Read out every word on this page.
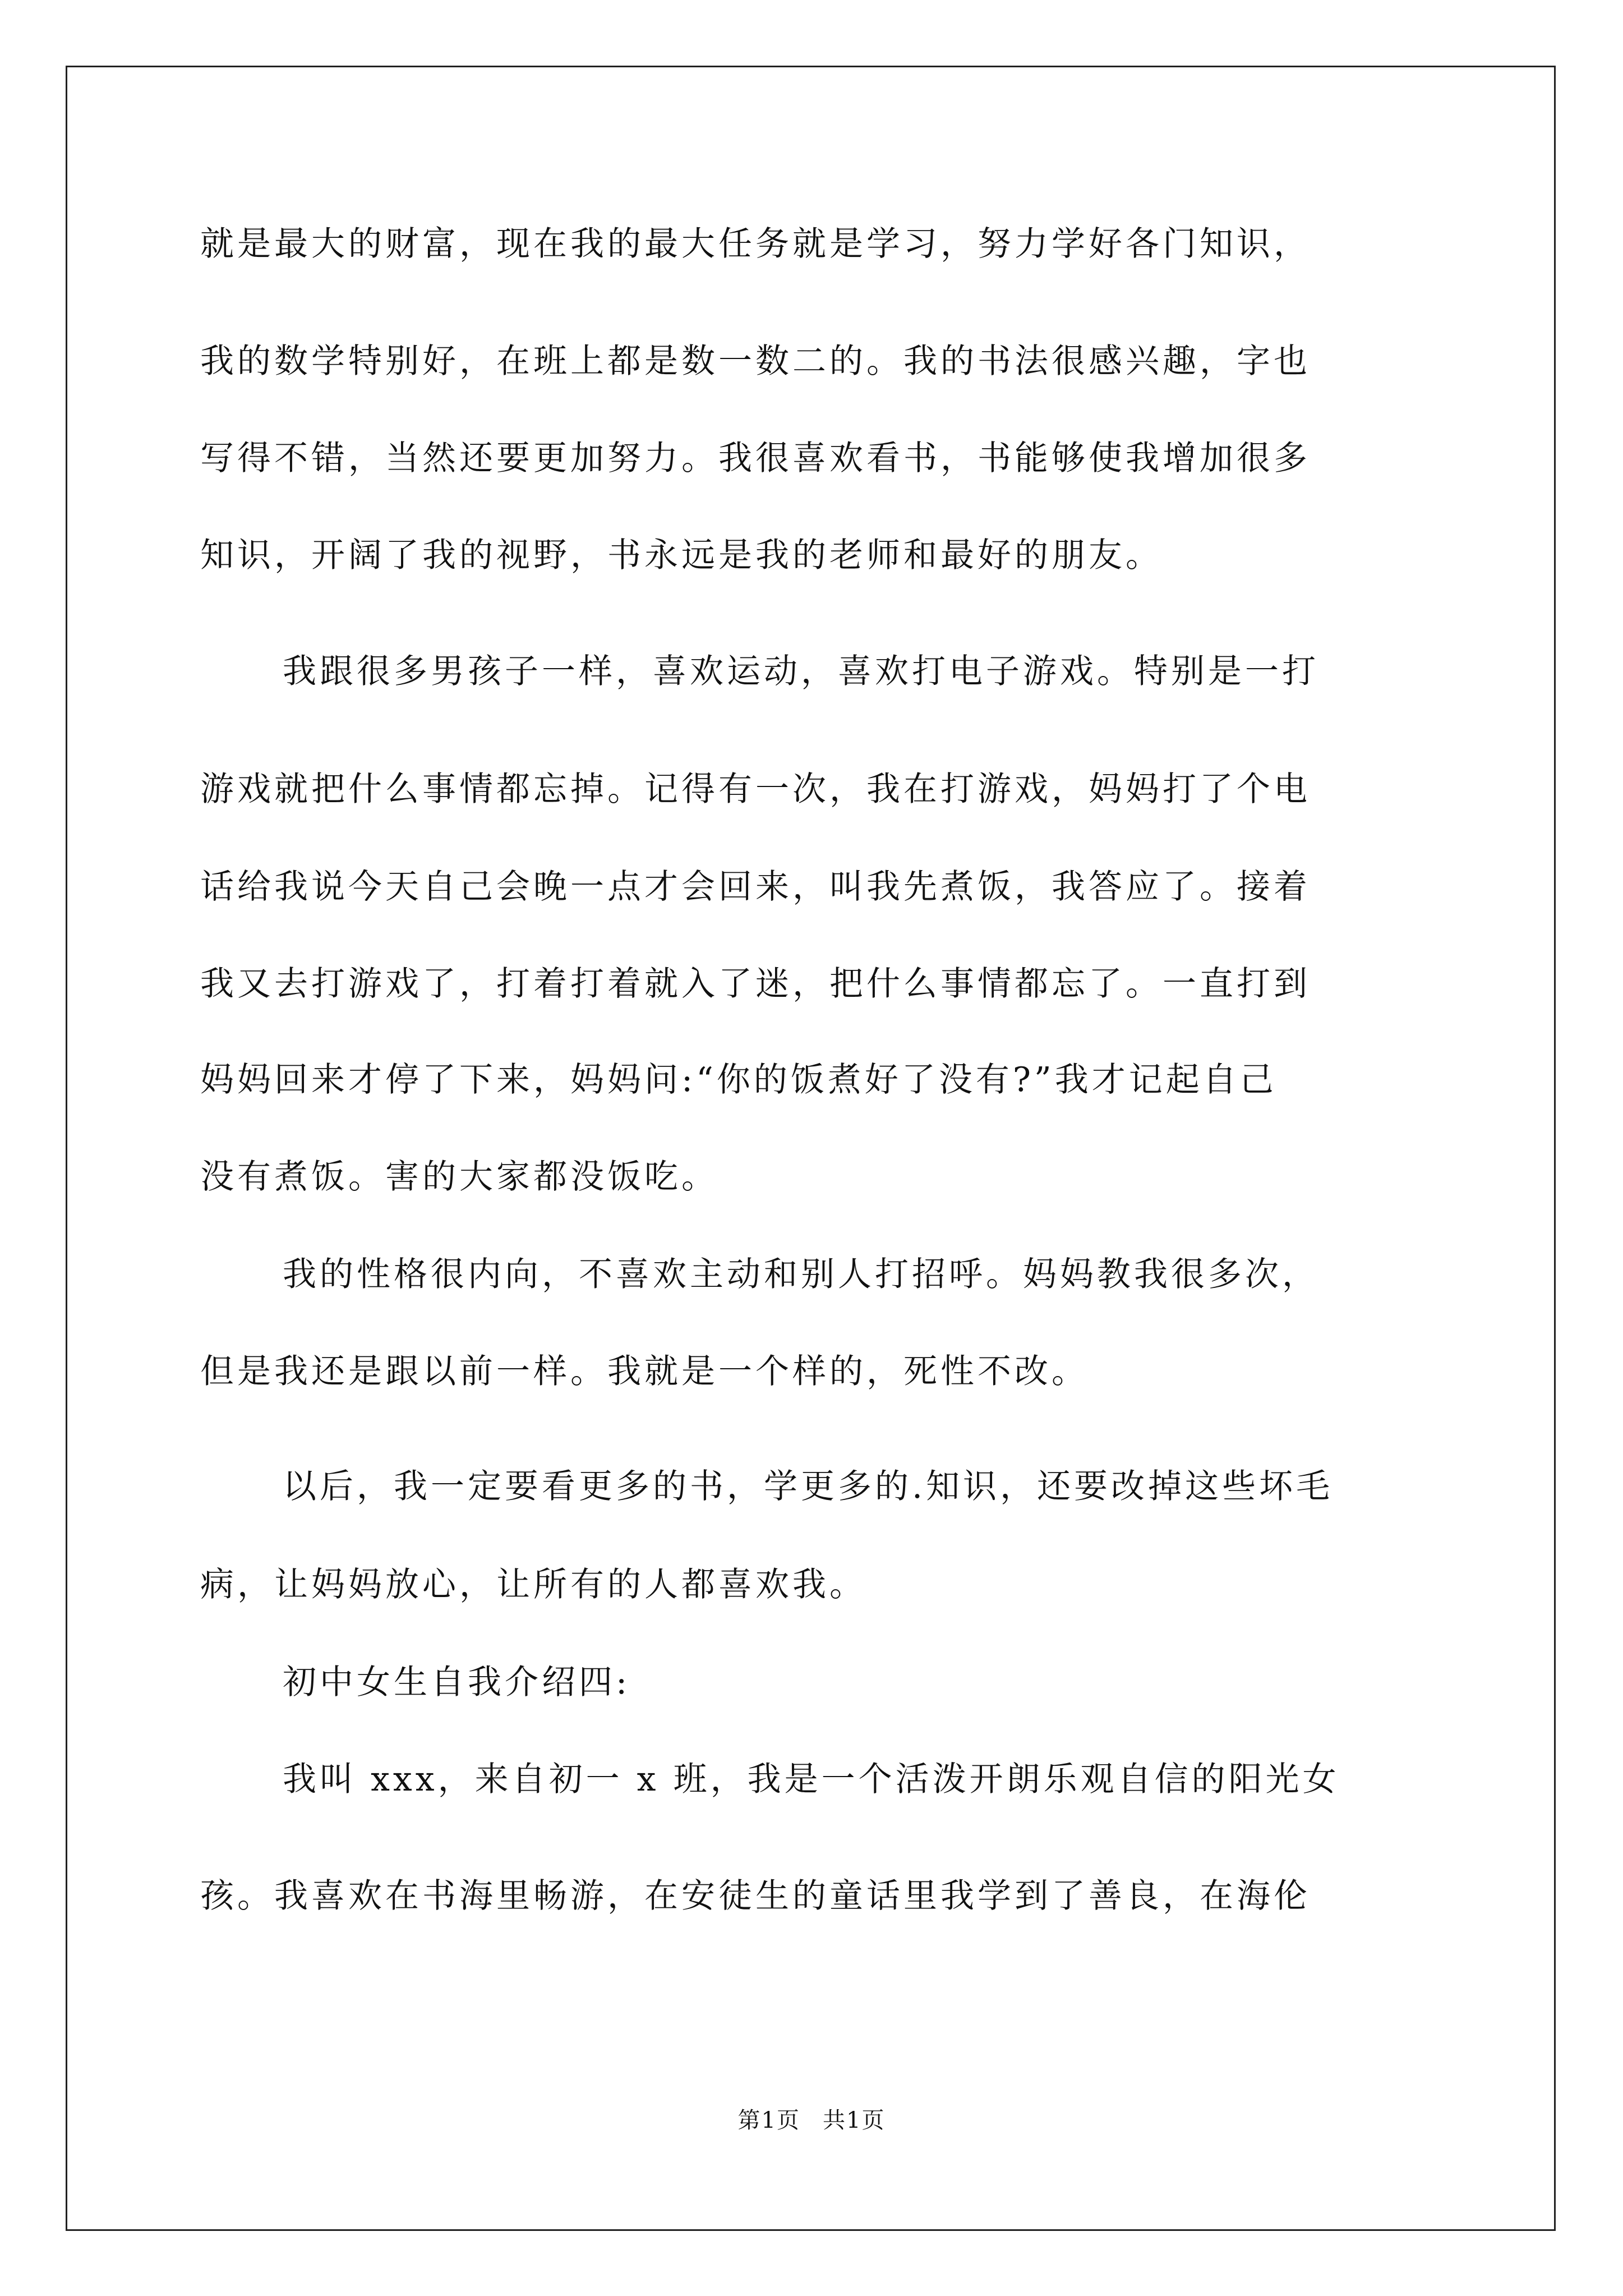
就是最大的财富，现在我的最大任务就是学习，努力学好各门知识，
我的数学特别好，在班上都是数一数二的。我的书法很感兴趣，字也
写得不错，当然还要更加努力。我很喜欢看书，书能够使我增加很多
知识，开阔了我的视野，书永远是我的老师和最好的朋友。
我跟很多男孩子一样，喜欢运动，喜欢打电子游戏。特别是一打
游戏就把什么事情都忘掉。记得有一次，我在打游戏，妈妈打了个电
话给我说今天自己会晚一点才会回来，叫我先煮饭，我答应了。接着
我又去打游戏了，打着打着就入了迷，把什么事情都忘了。一直打到
妈妈回来才停了下来，妈妈问:“你的饭煮好了没有?”我才记起自己
没有煮饭。害的大家都没饭吃。
我的性格很内向，不喜欢主动和别人打招呼。妈妈教我很多次，
但是我还是跟以前一样。我就是一个样的，死性不改。
以后，我一定要看更多的书，学更多的.知识，还要改掉这些坏毛
病，让妈妈放心，让所有的人都喜欢我。
初中女生自我介绍四:
我叫 xxx，来自初一 x 班，我是一个活泼开朗乐观自信的阳光女
孩。我喜欢在书海里畅游，在安徒生的童话里我学到了善良，在海伦
第1页 共1页
